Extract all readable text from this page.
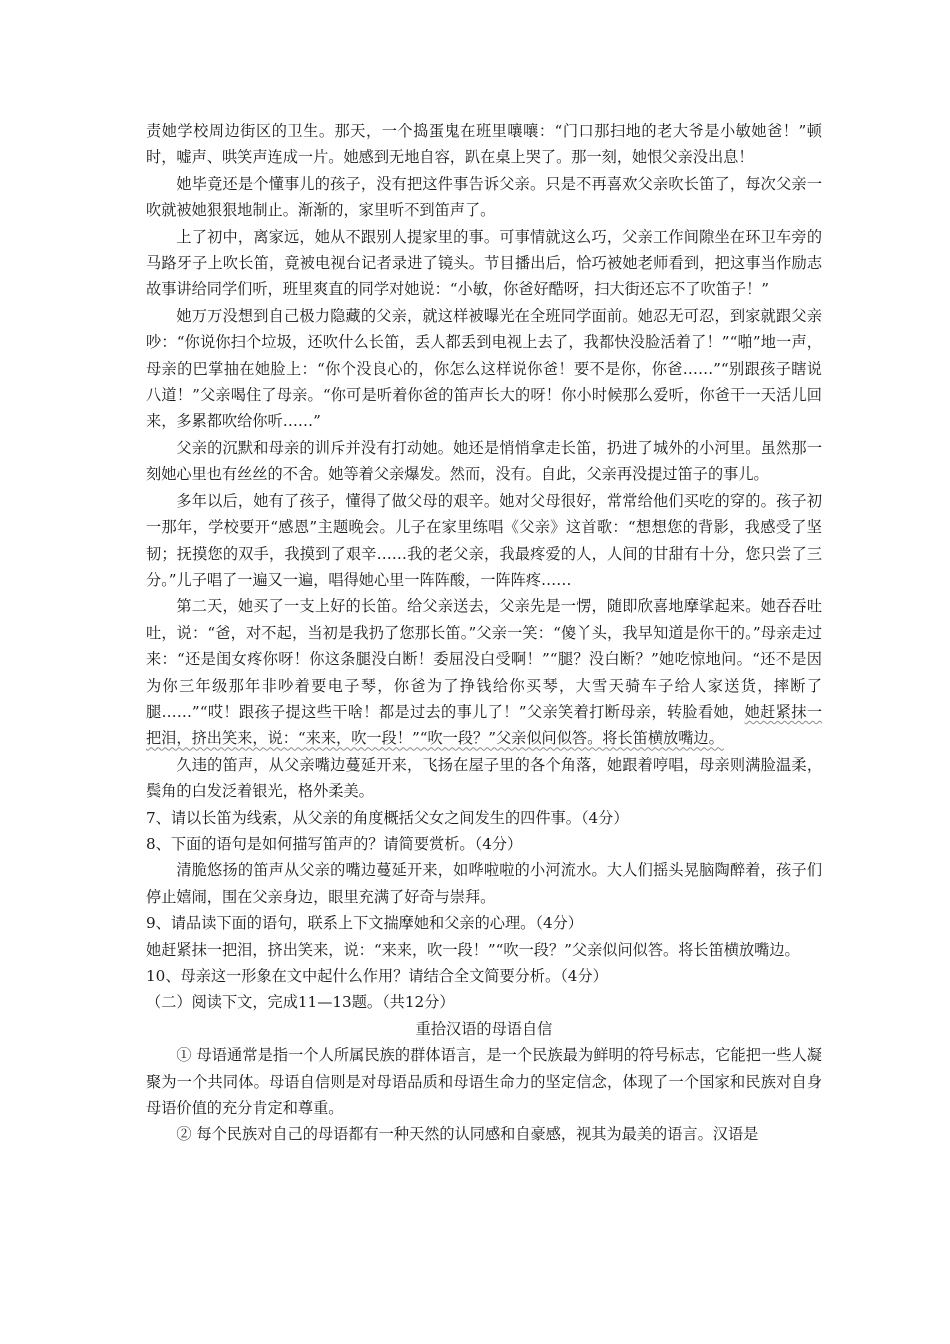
责她学校周边街区的卫生。那天，一个捣蛋鬼在班里嚷嚷：“门口那扫地的老大爷是小敏她爸！”顿时，嘘声、哄笑声连成一片。她感到无地自容，趴在桌上哭了。那一刻，她恨父亲没出息！

她毕竟还是个懂事儿的孩子，没有把这件事告诉父亲。只是不再喜欢父亲吹长笛了，每次父亲一吹就被她狠狠地制止。渐渐的，家里听不到笛声了。

上了初中，离家远，她从不跟别人提家里的事。可事情就这么巧，父亲工作间隙坐在环卫车旁的马路牙子上吹长笛，竟被电视台记者录进了镜头。节目播出后，恰巧被她老师看到，把这事当作励志故事讲给同学们听，班里爽直的同学对她说：“小敏，你爸好酷呀，扫大街还忘不了吹笛子！”

她万万没想到自己极力隐藏的父亲，就这样被曝光在全班同学面前。她忍无可忍，到家就跟父亲吵：“你说你扫个垃圾，还吹什么长笛，丢人都丢到电视上去了，我都快没脸活着了！”“啪”地一声，母亲的巴掌抽在她脸上：“你个没良心的，你怎么这样说你爸！要不是你，你爸……”“别跟孩子瞎说八道！”父亲喝住了母亲。“你可是听着你爸的笛声长大的呀！你小时候那么爱听，你爸干一天活儿回来，多累都吹给你听……”

父亲的沉默和母亲的训斥并没有打动她。她还是悄悄拿走长笛，扔进了城外的小河里。虽然那一刻她心里也有丝丝的不舍。她等着父亲爆发。然而，没有。自此，父亲再没提过笛子的事儿。

多年以后，她有了孩子，懂得了做父母的艰辛。她对父母很好，常常给他们买吃的穿的。孩子初一那年，学校要开“感恩”主题晚会。儿子在家里练唱《父亲》这首歌：“想想您的背影，我感受了坚韧；抚摸您的双手，我摸到了艰辛……我的老父亲，我最疼爱的人，人间的甘甜有十分，您只尝了三分。”儿子唱了一遍又一遍，唱得她心里一阵阵酸，一阵阵疼……

第二天，她买了一支上好的长笛。给父亲送去，父亲先是一愣，随即欣喜地摩挲起来。她吞吞吐吐，说：“爸，对不起，当初是我扔了您那长笛。”父亲一笑：“傻丫头，我早知道是你干的。”母亲走过来：“还是闺女疼你呀！你这条腿没白断！委屈没白受啊！”“腿？没白断？”她吃惊地问。“还不是因为你三年级那年非吵着要电子琴，你爸为了挣钱给你买琴，大雪天骑车子给人家送货，摔断了腿……”“哎！跟孩子提这些干啥！都是过去的事儿了！”父亲笑着打断母亲，转脸看她，她赶紧抹一把泪，挤出笑来，说：“来来，吹一段！”“吹一段？”父亲似问似答。将长笛横放嘴边。

久违的笛声，从父亲嘴边蔓延开来，飞扬在屋子里的各个角落，她跟着哼唱，母亲则满脸温柔，鬓角的白发泛着银光，格外柔美。

7、请以长笛为线索，从父亲的角度概括父女之间发生的四件事。（4分）

8、下面的语句是如何描写笛声的？请简要赏析。（4分）

清脆悠扬的笛声从父亲的嘴边蔓延开来，如哗啦啦的小河流水。大人们摇头晃脑陶醉着，孩子们停止嬉闹，围在父亲身边，眼里充满了好奇与崇拜。

9、请品读下面的语句，联系上下文揣摩她和父亲的心理。（4分）

她赶紧抹一把泪，挤出笑来，说：“来来，吹一段！”“吹一段？”父亲似问似答。将长笛横放嘴边。

10、母亲这一形象在文中起什么作用？请结合全文简要分析。（4分）

（二）阅读下文，完成11—13题。（共12分）

重拾汉语的母语自信

① 母语通常是指一个人所属民族的群体语言，是一个民族最为鲜明的符号标志，它能把一些人凝聚为一个共同体。母语自信则是对母语品质和母语生命力的坚定信念，体现了一个国家和民族对自身母语价值的充分肯定和尊重。

② 每个民族对自己的母语都有一种天然的认同感和自豪感，视其为最美的语言。汉语是
